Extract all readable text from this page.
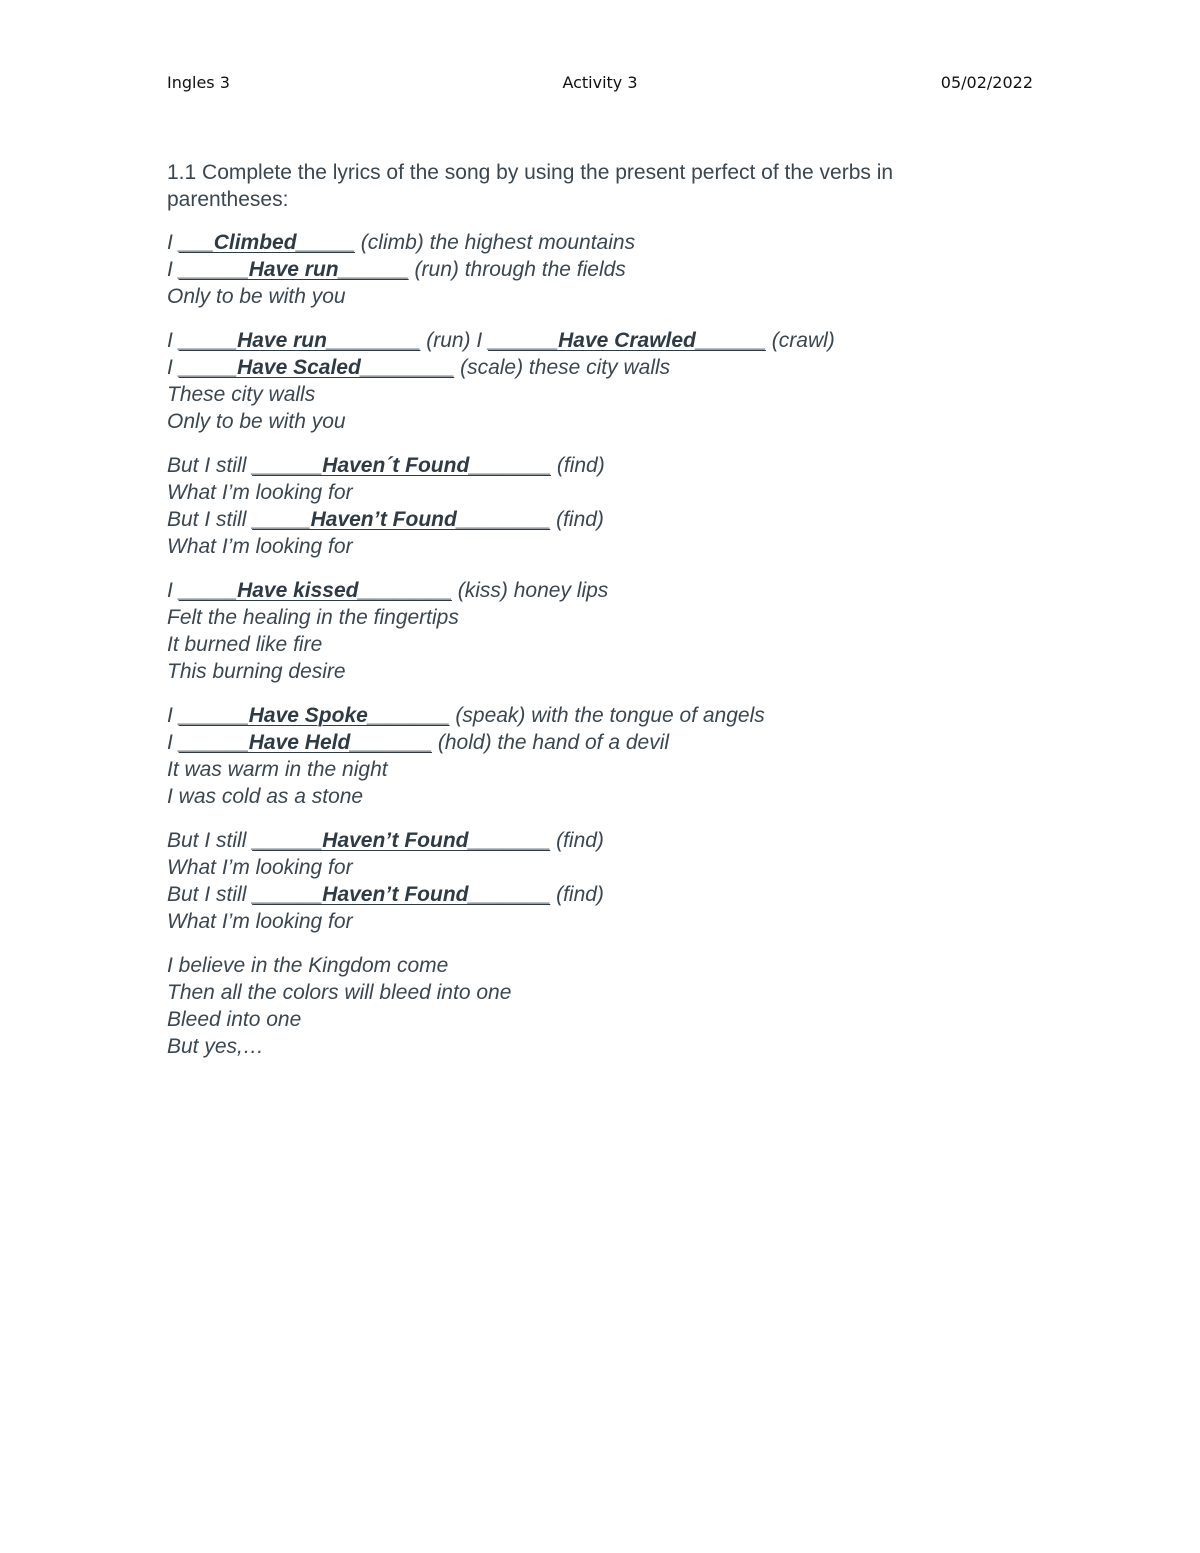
Ingles 3	Activity 3	05/02/2022
1.1 Complete the lyrics of the song by using the present perfect of the verbs in parentheses:
I ___Climbed_____ (climb) the highest mountains
I ______Have run______ (run) through the fields
Only to be with you
I _____Have run________ (run) I ______Have Crawled______ (crawl)
I _____Have Scaled________ (scale) these city walls
These city walls
Only to be with you
But I still ______Haven´t Found_______ (find)
What I’m looking for
But I still _____Haven’t Found________ (find)
What I’m looking for
I _____Have kissed________ (kiss) honey lips
Felt the healing in the fingertips
It burned like fire
This burning desire
I ______Have Spoke_______ (speak) with the tongue of angels
I ______Have Held_______ (hold) the hand of a devil
It was warm in the night
I was cold as a stone
But I still ______Haven’t Found_______ (find)
What I’m looking for
But I still ______Haven’t Found_______ (find)
What I’m looking for
I believe in the Kingdom come
Then all the colors will bleed into one
Bleed into one
But yes,…
